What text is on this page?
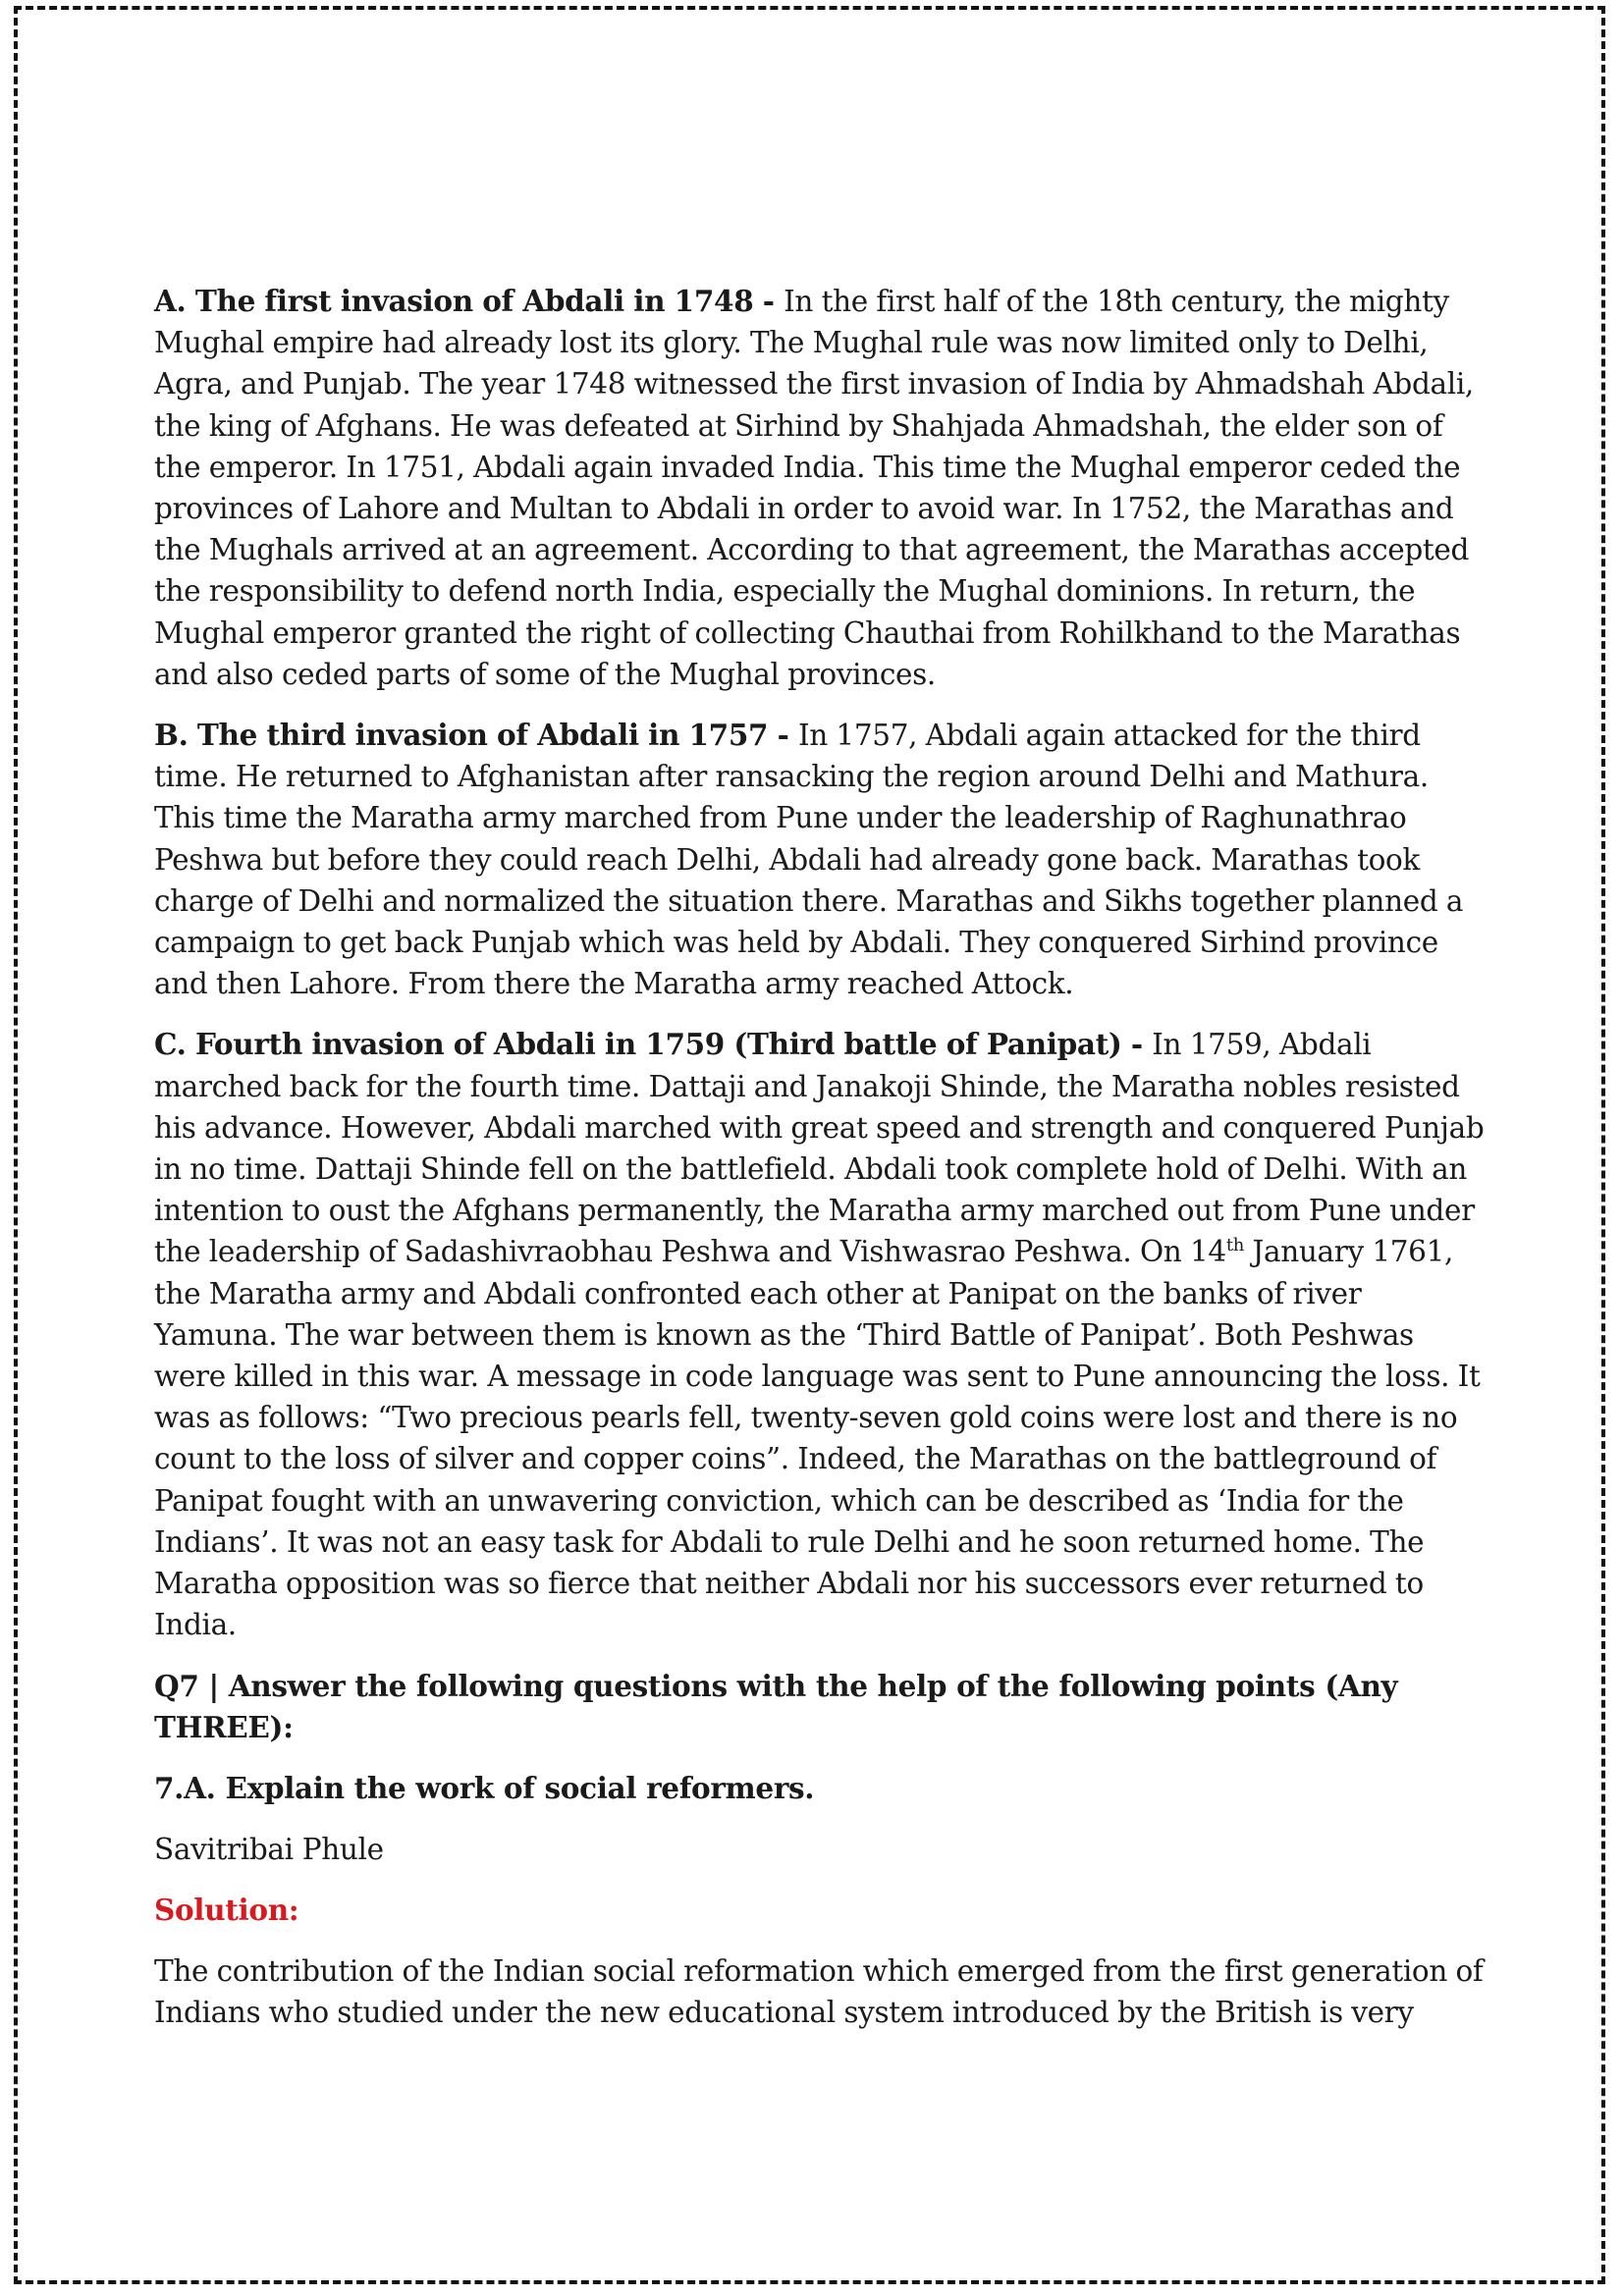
A. The first invasion of Abdali in 1748 - In the first half of the 18th century, the mighty Mughal empire had already lost its glory. The Mughal rule was now limited only to Delhi, Agra, and Punjab. The year 1748 witnessed the first invasion of India by Ahmadshah Abdali, the king of Afghans. He was defeated at Sirhind by Shahjada Ahmadshah, the elder son of the emperor. In 1751, Abdali again invaded India. This time the Mughal emperor ceded the provinces of Lahore and Multan to Abdali in order to avoid war. In 1752, the Marathas and the Mughals arrived at an agreement. According to that agreement, the Marathas accepted the responsibility to defend north India, especially the Mughal dominions. In return, the Mughal emperor granted the right of collecting Chauthai from Rohilkhand to the Marathas and also ceded parts of some of the Mughal provinces.

B. The third invasion of Abdali in 1757 - In 1757, Abdali again attacked for the third time. He returned to Afghanistan after ransacking the region around Delhi and Mathura. This time the Maratha army marched from Pune under the leadership of Raghunathrao Peshwa but before they could reach Delhi, Abdali had already gone back. Marathas took charge of Delhi and normalized the situation there. Marathas and Sikhs together planned a campaign to get back Punjab which was held by Abdali. They conquered Sirhind province and then Lahore. From there the Maratha army reached Attock.

C. Fourth invasion of Abdali in 1759 (Third battle of Panipat) - In 1759, Abdali marched back for the fourth time. Dattaji and Janakoji Shinde, the Maratha nobles resisted his advance. However, Abdali marched with great speed and strength and conquered Punjab in no time. Dattaji Shinde fell on the battlefield. Abdali took complete hold of Delhi. With an intention to oust the Afghans permanently, the Maratha army marched out from Pune under the leadership of Sadashivraobhau Peshwa and Vishwasrao Peshwa. On 14th January 1761, the Maratha army and Abdali confronted each other at Panipat on the banks of river Yamuna. The war between them is known as the ‘Third Battle of Panipat’. Both Peshwas were killed in this war. A message in code language was sent to Pune announcing the loss. It was as follows: “Two precious pearls fell, twenty-seven gold coins were lost and there is no count to the loss of silver and copper coins”. Indeed, the Marathas on the battleground of Panipat fought with an unwavering conviction, which can be described as ‘India for the Indians’. It was not an easy task for Abdali to rule Delhi and he soon returned home. The Maratha opposition was so fierce that neither Abdali nor his successors ever returned to India.

Q7 | Answer the following questions with the help of the following points (Any THREE):

7.A. Explain the work of social reformers.

Savitribai Phule

Solution:

The contribution of the Indian social reformation which emerged from the first generation of Indians who studied under the new educational system introduced by the British is very
